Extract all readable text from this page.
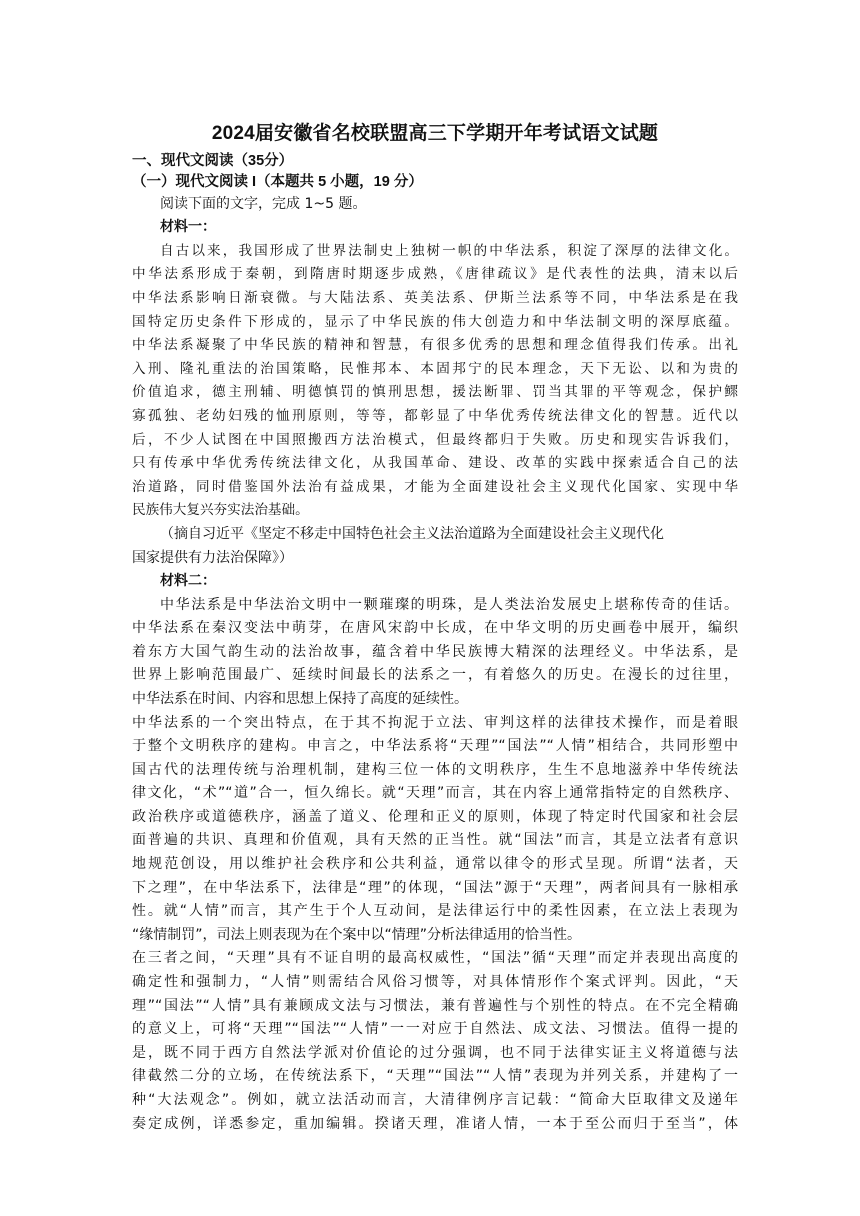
2024届安徽省名校联盟高三下学期开年考试语文试题
一、现代文阅读（35分）
（一）现代文阅读 I（本题共 5 小题，19 分）

阅读下面的文字，完成 1~5 题。

材料一：

自古以来，我国形成了世界法制史上独树一帜的中华法系，积淀了深厚的法律文化。

中华法系形成于秦朝，到隋唐时期逐步成熟，《唐律疏议》是代表性的法典，清末以后

中华法系影响日渐衰微。与大陆法系、英美法系、伊斯兰法系等不同，中华法系是在我

国特定历史条件下形成的，显示了中华民族的伟大创造力和中华法制文明的深厚底蕴。

中华法系凝聚了中华民族的精神和智慧，有很多优秀的思想和理念值得我们传承。出礼

入刑、隆礼重法的治国策略，民惟邦本、本固邦宁的民本理念，天下无讼、以和为贵的

价值追求，德主刑辅、明德慎罚的慎刑思想，援法断罪、罚当其罪的平等观念，保护鳏

寡孤独、老幼妇残的恤刑原则，等等，都彰显了中华优秀传统法律文化的智慧。近代以

后，不少人试图在中国照搬西方法治模式，但最终都归于失败。历史和现实告诉我们，

只有传承中华优秀传统法律文化，从我国革命、建设、改革的实践中探索适合自己的法

治道路，同时借鉴国外法治有益成果，才能为全面建设社会主义现代化国家、实现中华

民族伟大复兴夯实法治基础。

（摘自习近平《坚定不移走中国特色社会主义法治道路为全面建设社会主义现代化

国家提供有力法治保障》）

材料二：

中华法系是中华法治文明中一颗璀璨的明珠，是人类法治发展史上堪称传奇的佳话。

中华法系在秦汉变法中萌芽，在唐风宋韵中长成，在中华文明的历史画卷中展开，编织

着东方大国气韵生动的法治故事，蕴含着中华民族博大精深的法理经义。中华法系，是

世界上影响范围最广、延续时间最长的法系之一，有着悠久的历史。在漫长的过往里，

中华法系在时间、内容和思想上保持了高度的延续性。

中华法系的一个突出特点，在于其不拘泥于立法、审判这样的法律技术操作，而是着眼

于整个文明秩序的建构。申言之，中华法系将“天理”“国法”“人情”相结合，共同形塑中

国古代的法理传统与治理机制，建构三位一体的文明秩序，生生不息地滋养中华传统法

律文化，“术”“道”合一，恒久绵长。就“天理”而言，其在内容上通常指特定的自然秩序、

政治秩序或道德秩序，涵盖了道义、伦理和正义的原则，体现了特定时代国家和社会层

面普遍的共识、真理和价值观，具有天然的正当性。就“国法”而言，其是立法者有意识

地规范创设，用以维护社会秩序和公共利益，通常以律令的形式呈现。所谓“法者，天

下之理”，在中华法系下，法律是“理”的体现，“国法”源于“天理”，两者间具有一脉相承

性。就“人情”而言，其产生于个人互动间，是法律运行中的柔性因素，在立法上表现为

“缘情制罚”，司法上则表现为在个案中以“情理”分析法律适用的恰当性。

在三者之间，“天理”具有不证自明的最高权威性，“国法”循“天理”而定并表现出高度的

确定性和强制力，“人情”则需结合风俗习惯等，对具体情形作个案式评判。因此，“天

理”“国法”“人情”具有兼顾成文法与习惯法，兼有普遍性与个别性的特点。在不完全精确

的意义上，可将“天理”“国法”“人情”一一对应于自然法、成文法、习惯法。值得一提的

是，既不同于西方自然法学派对价值论的过分强调，也不同于法律实证主义将道德与法

律截然二分的立场，在传统法系下，“天理”“国法”“人情”表现为并列关系，并建构了一

种“大法观念”。例如，就立法活动而言，大清律例序言记载：“简命大臣取律文及递年

奏定成例，详悉参定，重加编辑。揆诸天理，准诸人情，一本于至公而归于至当”，体
